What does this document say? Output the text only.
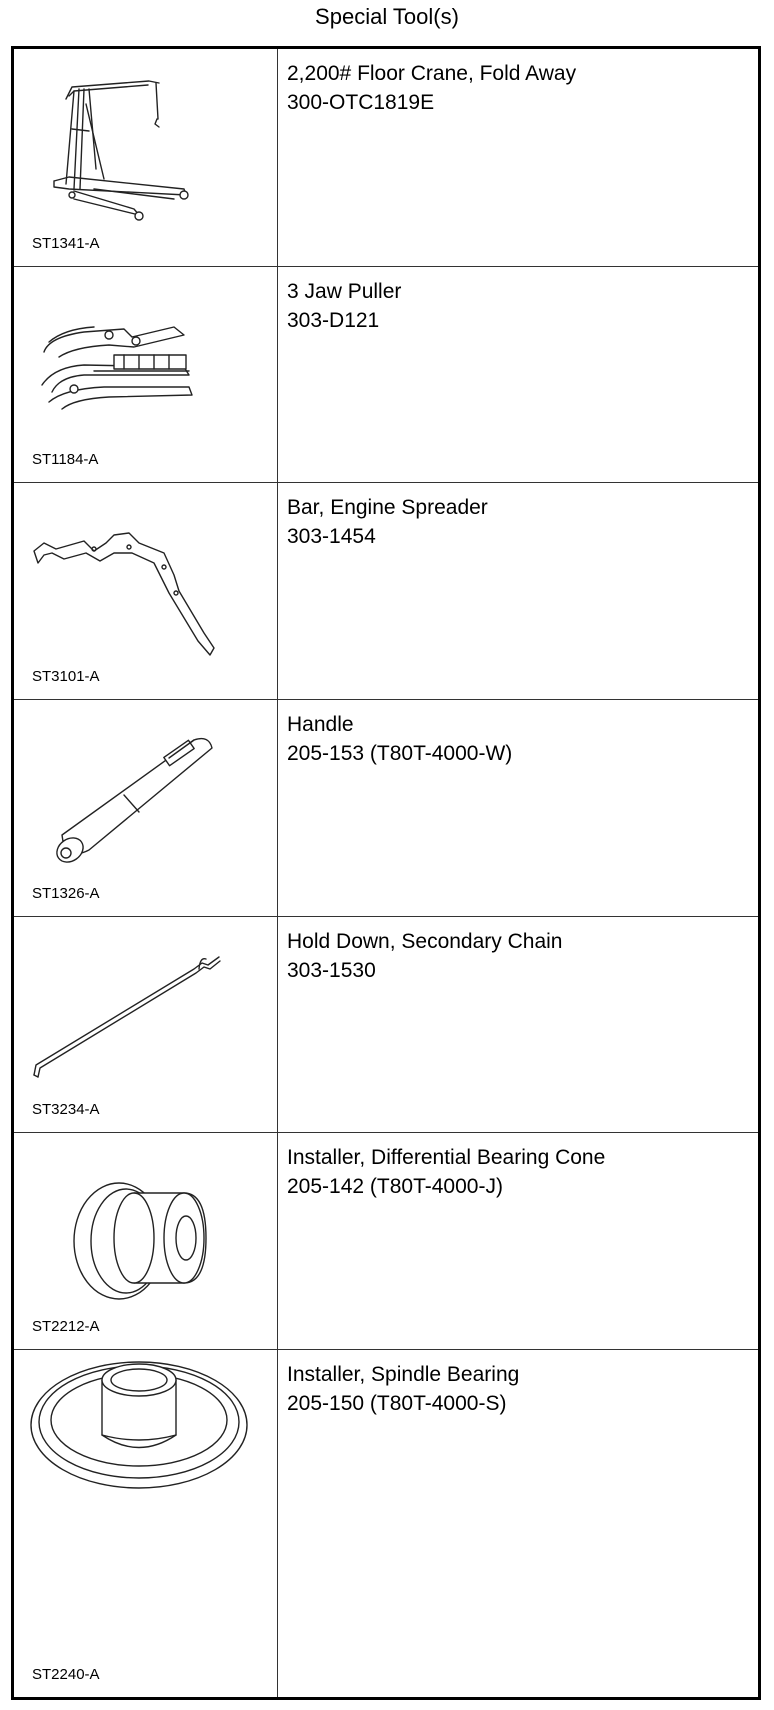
Special Tool(s)
ST1341-A
2,200# Floor Crane, Fold Away
300-OTC1819E
ST1184-A
3 Jaw Puller
303-D121
ST3101-A
Bar, Engine Spreader
303-1454
ST1326-A
Handle
205-153 (T80T-4000-W)
ST3234-A
Hold Down, Secondary Chain
303-1530
ST2212-A
Installer, Differential Bearing Cone
205-142 (T80T-4000-J)
ST2240-A
Installer, Spindle Bearing
205-150 (T80T-4000-S)
